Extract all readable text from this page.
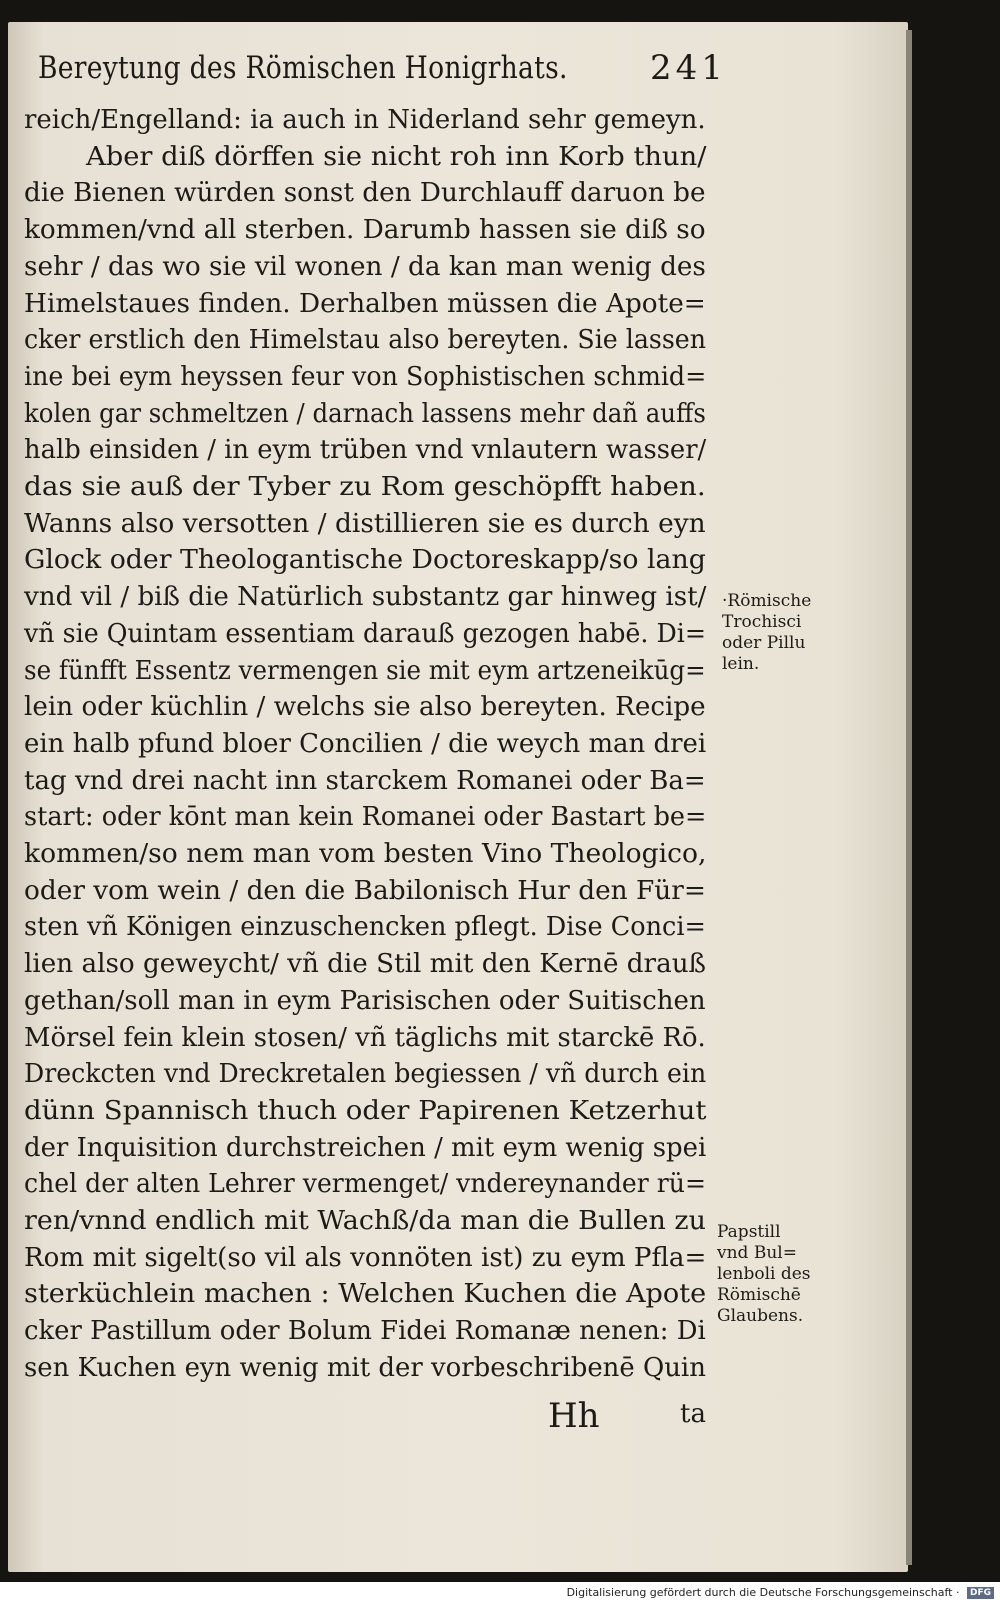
Bereytung des Römischen Honigrhats.	241
reich/Engelland: ia auch in Niderland sehr gemeyn.
Aber diß dörffen sie nicht roh inn Korb thun/
die Bienen würden sonst den Durchlauff daruon be
kommen/vnd all sterben. Darumb hassen sie diß so
sehr / das wo sie vil wonen / da kan man wenig des
Himelstaues finden. Derhalben müssen die Apote=
cker erstlich den Himelstau also bereyten. Sie lassen
ine bei eym heyssen feur von Sophistischen schmid=
kolen gar schmeltzen / darnach lassens mehr dañ auffs
halb einsiden / in eym trüben vnd vnlautern wasser/
das sie auß der Tyber zu Rom geschöpfft haben.
Wanns also versotten / distillieren sie es durch eyn
Glock oder Theologantische Doctoreskapp/so lang
vnd vil / biß die Natürlich substantz gar hinweg ist/
vñ sie Quintam essentiam darauß gezogen habē. Di=
se fünfft Essentz vermengen sie mit eym artzeneikūg=
lein oder küchlin / welchs sie also bereyten. Recipe
ein halb pfund bloer Concilien / die weych man drei
tag vnd drei nacht inn starckem Romanei oder Ba=
start: oder kōnt man kein Romanei oder Bastart be=
kommen/so nem man vom besten Vino Theologico,
oder vom wein / den die Babilonisch Hur den Für=
sten vñ Königen einzuschencken pflegt. Dise Conci=
lien also geweycht/ vñ die Stil mit den Kernē drauß
gethan/soll man in eym Parisischen oder Suitischen
Mörsel fein klein stosen/ vñ täglichs mit starckē Rō.
Dreckcten vnd Dreckretalen begiessen / vñ durch ein
dünn Spannisch thuch oder Papirenen Ketzerhut
der Inquisition durchstreichen / mit eym wenig spei
chel der alten Lehrer vermenget/ vndereynander rü=
ren/vnnd endlich mit Wachß/da man die Bullen zu
Rom mit sigelt(so vil als vonnöten ist) zu eym Pfla=
sterküchlein machen : Welchen Kuchen die Apote
cker Pastillum oder Bolum Fidei Romanæ nenen: Di
sen Kuchen eyn wenig mit der vorbeschribenē Quin
·Römische
Trochisci
oder Pillu
lein.
Papstill
vnd Bul=
lenboli des
Römischē
Glaubens.
Hh	ta
Digitalisierung gefördert durch die Deutsche Forschungsgemeinschaft · DFG
